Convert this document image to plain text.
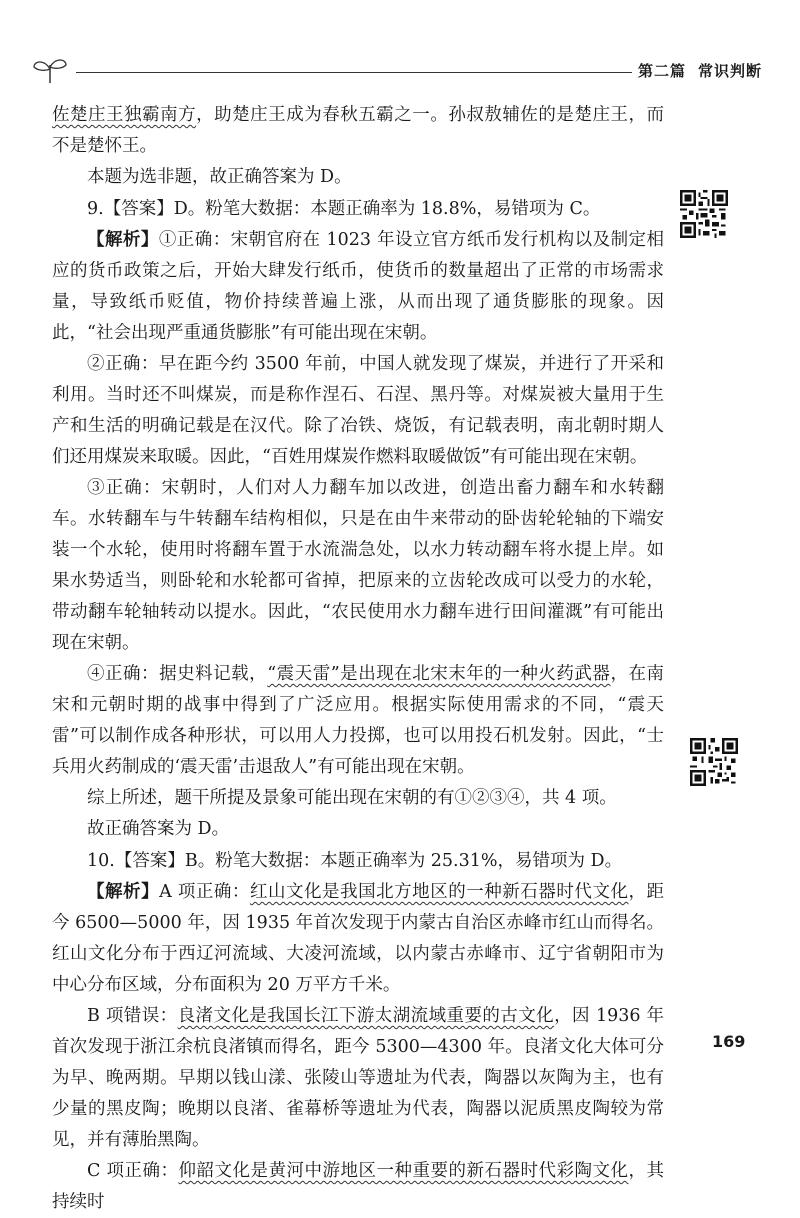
第二篇 常识判断

佐楚庄王独霸南方，助楚庄王成为春秋五霸之一。孙叔敖辅佐的是楚庄王，而不是楚怀王。

本题为选非题，故正确答案为 D。

9.【答案】D。粉笔大数据：本题正确率为 18.8%，易错项为 C。

【解析】①正确：宋朝官府在 1023 年设立官方纸币发行机构以及制定相应的货币政策之后，开始大肆发行纸币，使货币的数量超出了正常的市场需求量，导致纸币贬值，物价持续普遍上涨，从而出现了通货膨胀的现象。因此，“社会出现严重通货膨胀”有可能出现在宋朝。

②正确：早在距今约 3500 年前，中国人就发现了煤炭，并进行了开采和利用。当时还不叫煤炭，而是称作涅石、石涅、黑丹等。对煤炭被大量用于生产和生活的明确记载是在汉代。除了冶铁、烧饭，有记载表明，南北朝时期人们还用煤炭来取暖。因此，“百姓用煤炭作燃料取暖做饭”有可能出现在宋朝。

③正确：宋朝时，人们对人力翻车加以改进，创造出畜力翻车和水转翻车。水转翻车与牛转翻车结构相似，只是在由牛来带动的卧齿轮轮轴的下端安装一个水轮，使用时将翻车置于水流湍急处，以水力转动翻车将水提上岸。如果水势适当，则卧轮和水轮都可省掉，把原来的立齿轮改成可以受力的水轮，带动翻车轮轴转动以提水。因此，“农民使用水力翻车进行田间灌溉”有可能出现在宋朝。

④正确：据史料记载，“震天雷”是出现在北宋末年的一种火药武器，在南宋和元朝时期的战事中得到了广泛应用。根据实际使用需求的不同，“震天雷”可以制作成各种形状，可以用人力投掷，也可以用投石机发射。因此，“士兵用火药制成的‘震天雷’击退敌人”有可能出现在宋朝。

综上所述，题干所提及景象可能出现在宋朝的有①②③④，共 4 项。

故正确答案为 D。

10.【答案】B。粉笔大数据：本题正确率为 25.31%，易错项为 D。

【解析】A 项正确：红山文化是我国北方地区的一种新石器时代文化，距今 6500—5000 年，因 1935 年首次发现于内蒙古自治区赤峰市红山而得名。红山文化分布于西辽河流域、大凌河流域，以内蒙古赤峰市、辽宁省朝阳市为中心分布区域，分布面积为 20 万平方千米。

B 项错误：良渚文化是我国长江下游太湖流域重要的古文化，因 1936 年首次发现于浙江余杭良渚镇而得名，距今 5300—4300 年。良渚文化大体可分为早、晚两期。早期以钱山漾、张陵山等遗址为代表，陶器以灰陶为主，也有少量的黑皮陶；晚期以良渚、雀幕桥等遗址为代表，陶器以泥质黑皮陶较为常见，并有薄胎黑陶。

C 项正确：仰韶文化是黄河中游地区一种重要的新石器时代彩陶文化，其持续时

169
